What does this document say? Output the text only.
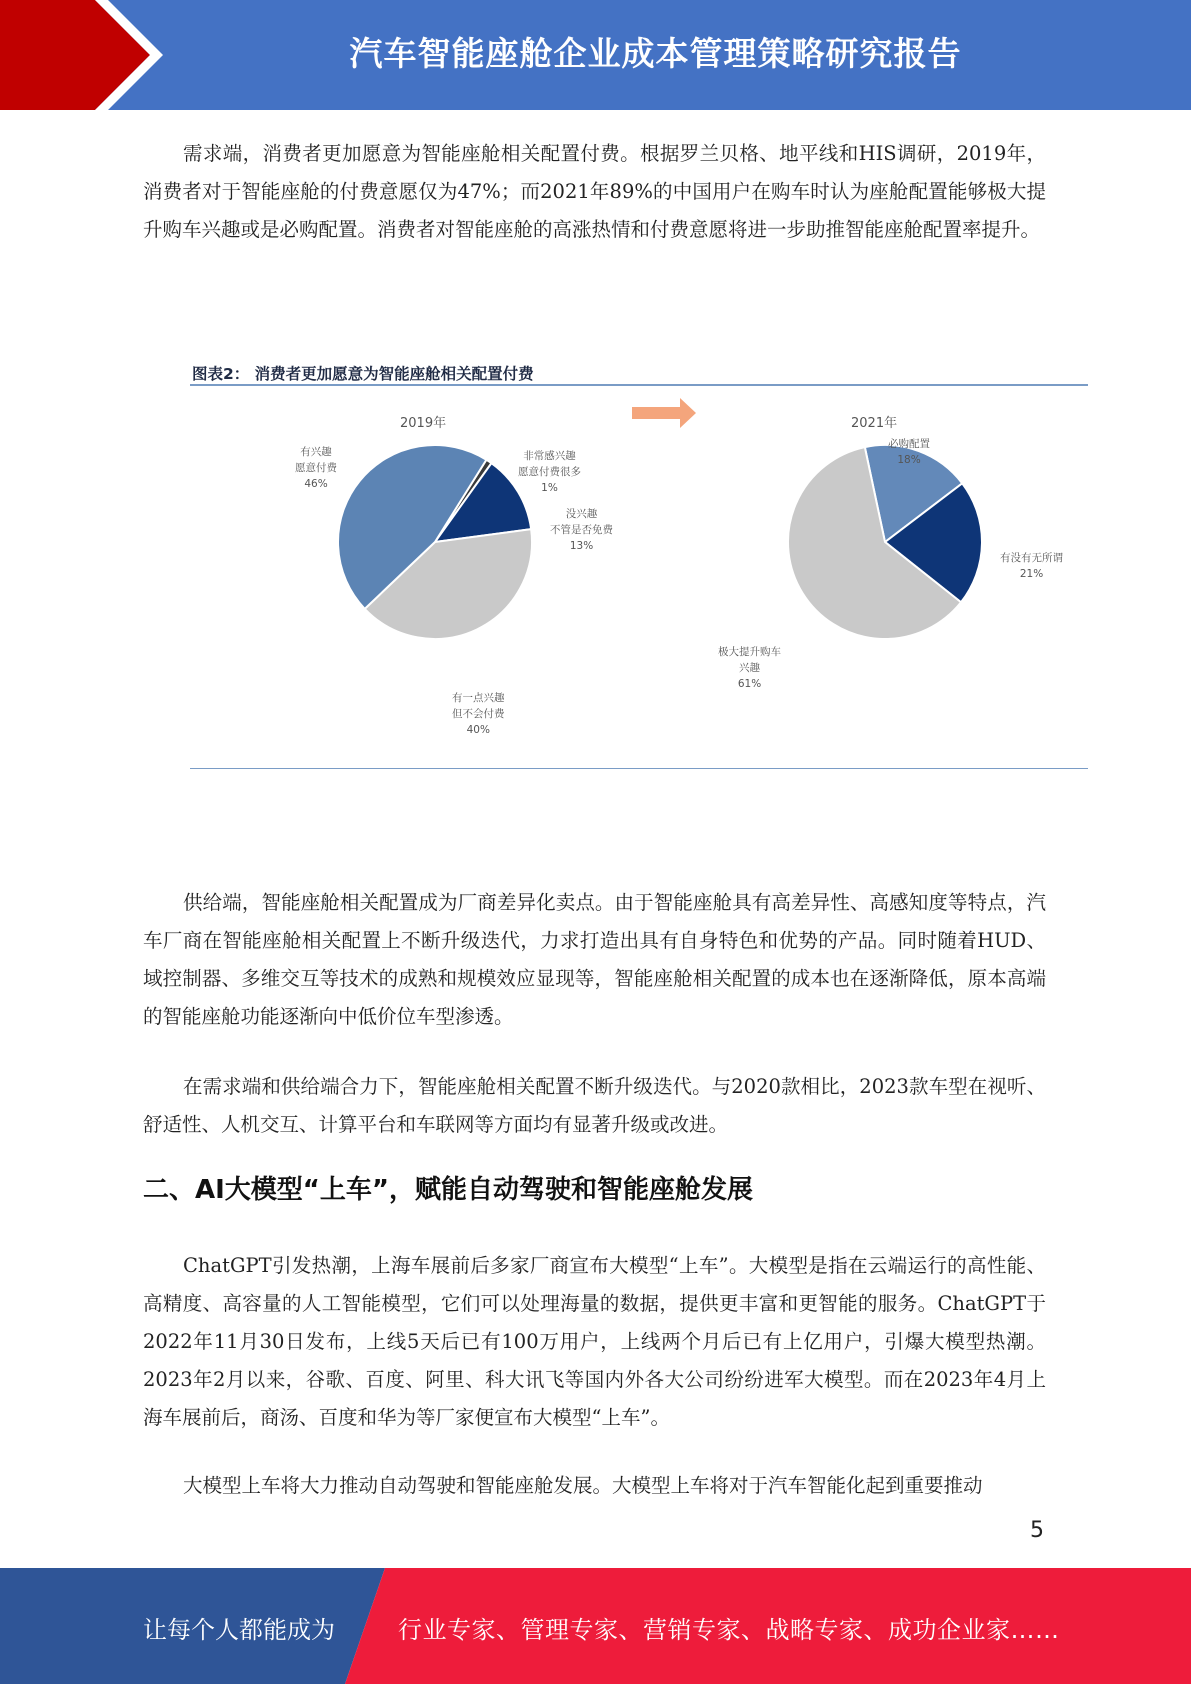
汽车智能座舱企业成本管理策略研究报告

需求端，消费者更加愿意为智能座舱相关配置付费。根据罗兰贝格、地平线和HIS调研，2019年，消费者对于智能座舱的付费意愿仅为47%；而2021年89%的中国用户在购车时认为座舱配置能够极大提升购车兴趣或是必购配置。消费者对智能座舱的高涨热情和付费意愿将进一步助推智能座舱配置率提升。

图表2： 消费者更加愿意为智能座舱相关配置付费
2019年
有兴趣
愿意付费
46%
非常感兴趣
愿意付费很多
1%
没兴趣
不管是否免费
13%
有一点兴趣
但不会付费
40%
2021年
必购配置
18%
有没有无所谓
21%
极大提升购车
兴趣
61%

供给端，智能座舱相关配置成为厂商差异化卖点。由于智能座舱具有高差异性、高感知度等特点，汽车厂商在智能座舱相关配置上不断升级迭代，力求打造出具有自身特色和优势的产品。同时随着HUD、域控制器、多维交互等技术的成熟和规模效应显现等，智能座舱相关配置的成本也在逐渐降低，原本高端的智能座舱功能逐渐向中低价位车型渗透。

在需求端和供给端合力下，智能座舱相关配置不断升级迭代。与2020款相比，2023款车型在视听、舒适性、人机交互、计算平台和车联网等方面均有显著升级或改进。

二、AI大模型“上车”，赋能自动驾驶和智能座舱发展

ChatGPT引发热潮，上海车展前后多家厂商宣布大模型“上车”。大模型是指在云端运行的高性能、高精度、高容量的人工智能模型，它们可以处理海量的数据，提供更丰富和更智能的服务。ChatGPT于2022年11月30日发布，上线5天后已有100万用户，上线两个月后已有上亿用户，引爆大模型热潮。2023年2月以来，谷歌、百度、阿里、科大讯飞等国内外各大公司纷纷进军大模型。而在2023年4月上海车展前后，商汤、百度和华为等厂家便宣布大模型“上车”。

大模型上车将大力推动自动驾驶和智能座舱发展。大模型上车将对于汽车智能化起到重要推动

5
让每个人都能成为	行业专家、管理专家、营销专家、战略专家、成功企业家……
